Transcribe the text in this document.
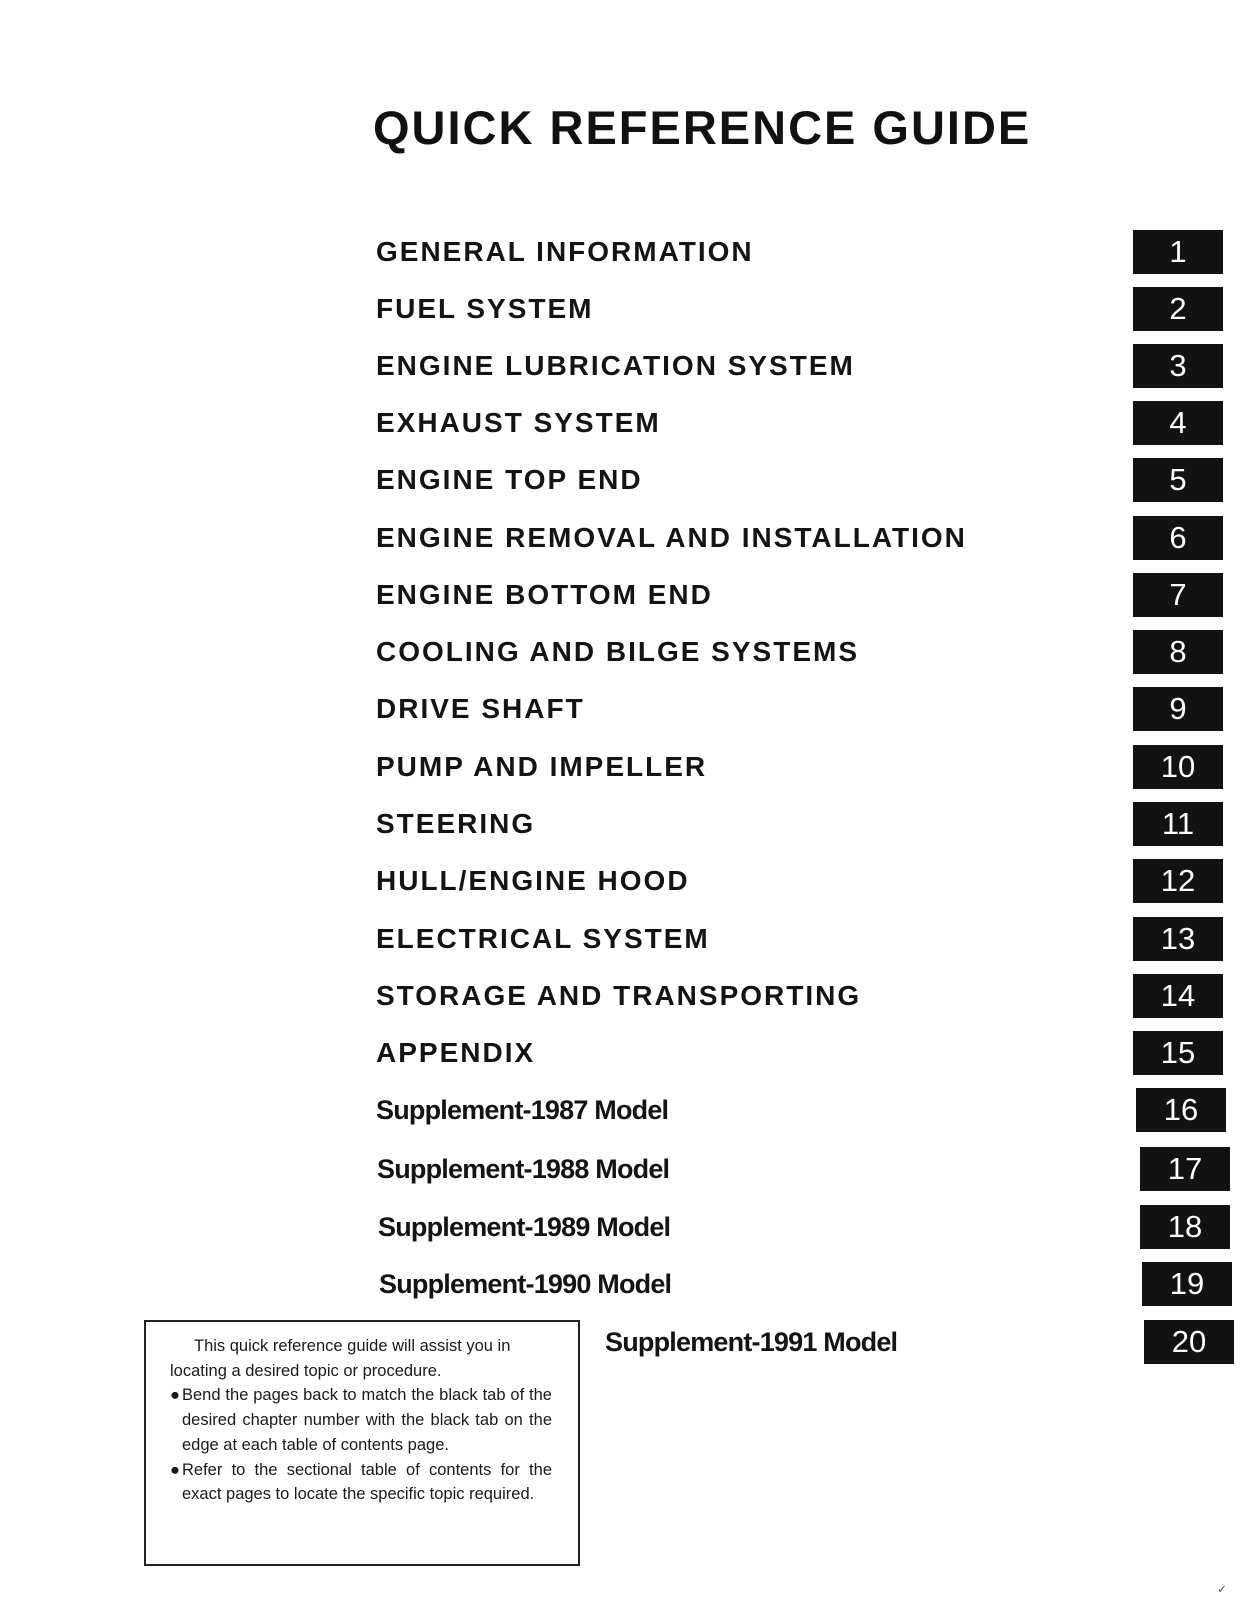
QUICK REFERENCE GUIDE
GENERAL INFORMATION	1
FUEL SYSTEM	2
ENGINE LUBRICATION SYSTEM	3
EXHAUST SYSTEM	4
ENGINE TOP END	5
ENGINE REMOVAL AND INSTALLATION	6
ENGINE BOTTOM END	7
COOLING AND BILGE SYSTEMS	8
DRIVE SHAFT	9
PUMP AND IMPELLER	10
STEERING	11
HULL/ENGINE HOOD	12
ELECTRICAL SYSTEM	13
STORAGE AND TRANSPORTING	14
APPENDIX	15
Supplement-1987 Model	16
Supplement-1988 Model	17
Supplement-1989 Model	18
Supplement-1990 Model	19
Supplement-1991 Model	20

This quick reference guide will assist you in locating a desired topic or procedure.

● Bend the pages back to match the black tab of the desired chapter number with the black tab on the edge at each table of contents page.

● Refer to the sectional table of contents for the exact pages to locate the specific topic required.

✓
